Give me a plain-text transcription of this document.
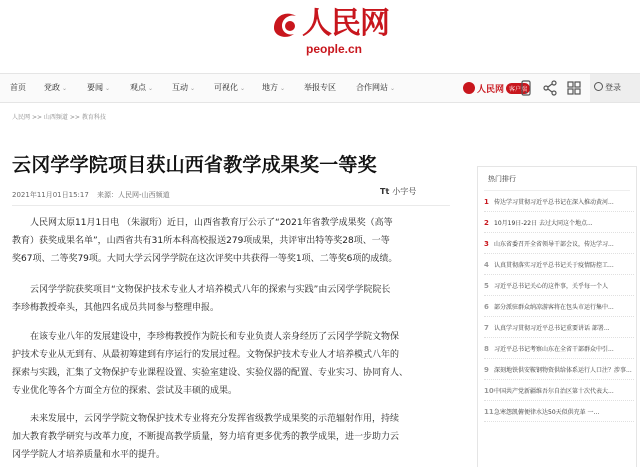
人民网
people.cn
首页 党政 ⌄ 要闻 ⌄ 观点 ⌄ 互动 ⌄ 可视化 ⌄ 地方 ⌄ 举报专区	合作网站 ⌄	人民网 客户端	登录
人民网 >> 山西频道 >> 教育科技
云冈学学院项目获山西省教学成果奖一等奖
2021年11月01日15:17 来源：人民网-山西频道	Tt 小字号
　　人民网太原11月1日电 （朱淑珩）近日，山西省教育厅公示了“2021年省教学成果奖（高等
教育）获奖成果名单”，山西省共有31所本科高校报送279项成果，共评审出特等奖28项、一等
奖67项、二等奖79项。大同大学云冈学学院在这次评奖中共获得一等奖1项、二等奖6项的成绩。
　　云冈学学院获奖项目“文物保护技术专业人才培养模式八年的探索与实践”由云冈学学院院长
李珍梅教授牵头，其他四名成员共同参与整理申报。
　　在该专业八年的发展建设中，李珍梅教授作为院长和专业负责人亲身经历了云冈学学院文物保
护技术专业从无到有、从最初筹建到有序运行的发展过程。文物保护技术专业人才培养模式八年的
探索与实践，汇集了文物保护专业课程设置、实验室建设、实验仪器的配置、专业实习、协同育人、
专业优化等各个方面全方位的探索、尝试及丰硕的成果。
　　未来发展中，云冈学学院文物保护技术专业将充分发挥省级教学成果奖的示范辐射作用，持续
加大教育教学研究与改革力度，不断提高教学质量，努力培育更多优秀的教学成果，进一步助力云
冈学学院人才培养质量和水平的提升。
热门排行
1 传达学习贯彻习近平总书记在深入推动黄河...
2 10月19日-22日 去过大同这个地点...
3 山东省委召开全省领导干部会议，传达学习...
4 认真贯彻落实习近平总书记关于疫情防控工...
5 习近平总书记关心的这件事，关乎每一个人
6 部分派驻群众纳凉游客将在包头市运行集中...
7 认真学习贯彻习近平总书记重要讲话 部署...
8 习近平总书记考察山东在全省干部群众中引...
9 深刻地铁供安鞍钢物资供给体系运行人口注？涉事...
10中国共产党新疆维吾尔自治区第十次代表大...
11急寒怨凯俯便律水达50天似供充革 一...
